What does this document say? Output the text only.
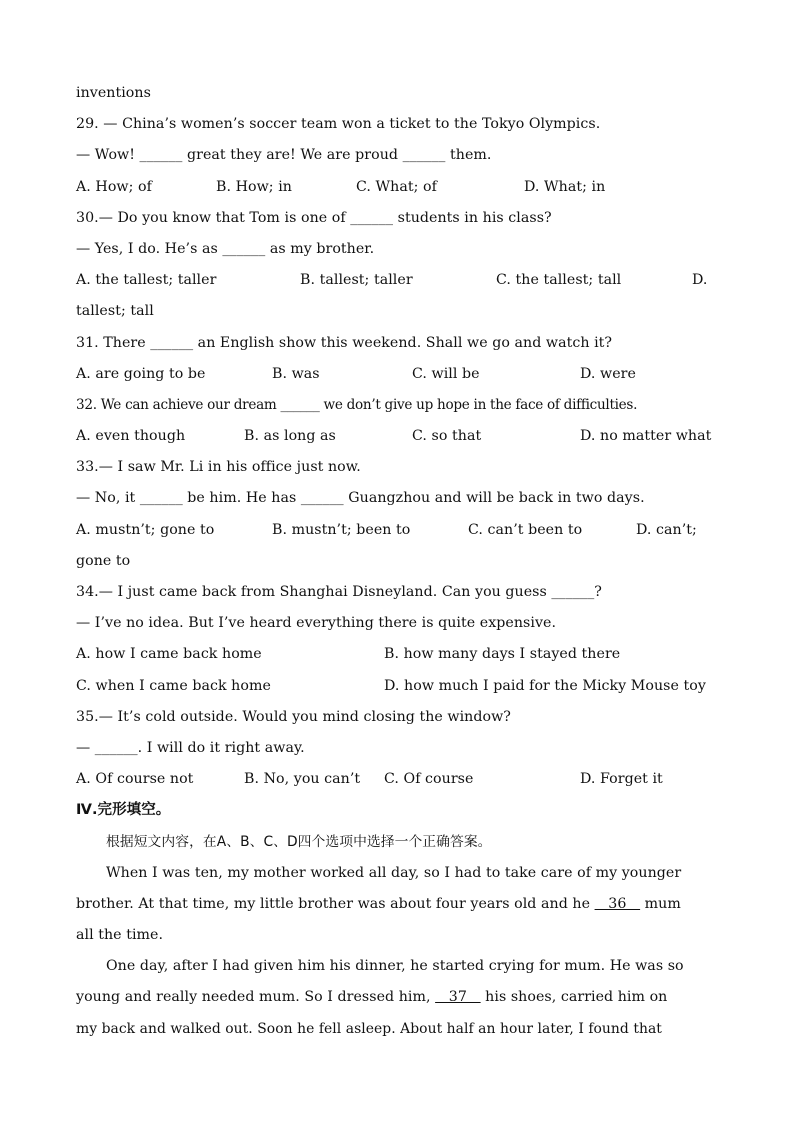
inventions
29. — China’s women’s soccer team won a ticket to the Tokyo Olympics.
— Wow! ______ great they are! We are proud ______ them.

A. How; of

	B. How; in

	C. What; of

	D. What; in

30.— Do you know that Tom is one of ______ students in his class?
— Yes, I do. He’s as ______ as my brother.

A. the tallest; taller

	B. tallest; taller

	C. the tallest; tall

	D.

tallest; tall
31. There ______ an English show this weekend. Shall we go and watch it?

A. are going to be

	B. was

	C. will be

	D. were

32. We can achieve our dream ______ we don’t give up hope in the face of difficulties.

A. even though

	B. as long as

	C. so that

	D. no matter what

33.— I saw Mr. Li in his office just now.
— No, it ______ be him. He has ______ Guangzhou and will be back in two days.

A. mustn’t; gone to

	B. mustn’t; been to

	C. can’t been to

	D. can’t;

gone to
34.— I just came back from Shanghai Disneyland. Can you guess ______?
— I’ve no idea. But I’ve heard everything there is quite expensive.

A. how I came back home

	B. how many days I stayed there

C. when I came back home

	D. how much I paid for the Micky Mouse toy

35.— It’s cold outside. Would you mind closing the window?
— ______. I will do it right away.

A. Of course not

	B. No, you can’t

C. Of course

	D. Forget it

Ⅳ.完形填空。
根据短文内容，在A、B、C、D四个选项中选择一个正确答案。
When I was ten, my mother worked all day, so I had to take care of my younger
brother. At that time, my little brother was about four years old and he    36    mum
all the time.
One day, after I had given him his dinner, he started crying for mum. He was so
young and really needed mum. So I dressed him,    37    his shoes, carried him on
my back and walked out. Soon he fell asleep. About half an hour later, I found that
